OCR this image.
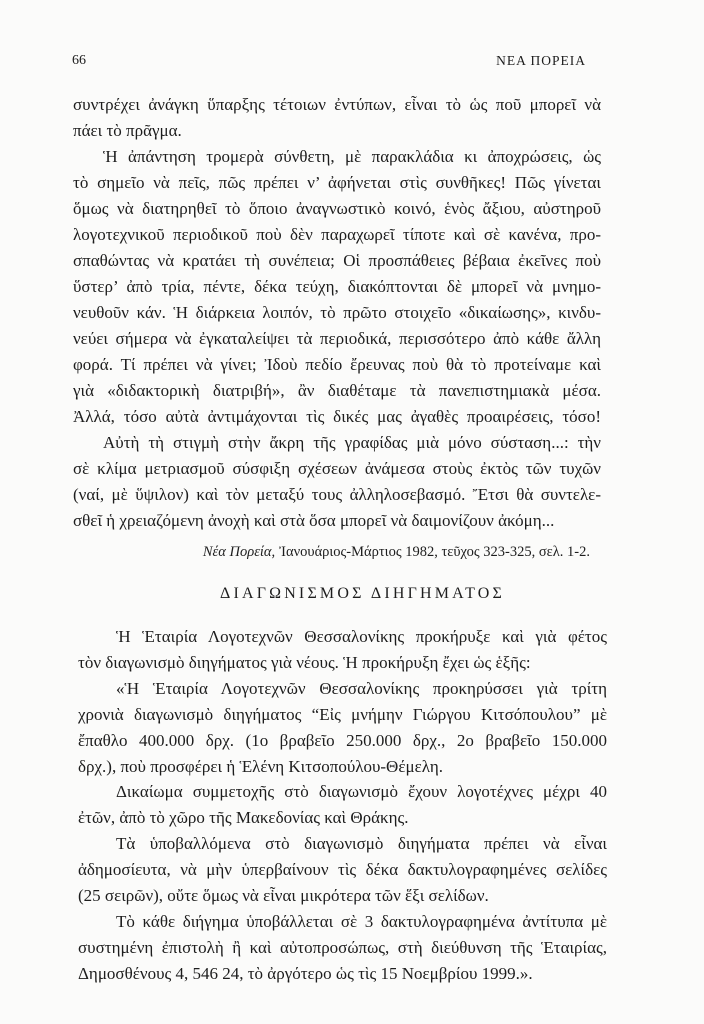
66	ΝΕΑ ΠΟΡΕΙΑ
συντρέχει ἀνάγκη ὕπαρξης τέτοιων ἐντύπων, εἶναι τὸ ὡς ποῦ μπορεῖ νὰ
πάει τὸ πρᾶγμα.
Ἡ ἀπάντηση τρομερὰ σύνθετη, μὲ παρακλάδια κι ἀποχρώσεις, ὡς
τὸ σημεῖο νὰ πεῖς, πῶς πρέπει ν’ ἀφήνεται στὶς συνθῆκες! Πῶς γίνεται
ὅμως νὰ διατηρηθεῖ τὸ ὅποιο ἀναγνωστικὸ κοινό, ἑνὸς ἄξιου, αὐστηροῦ
λογοτεχνικοῦ περιοδικοῦ ποὺ δὲν παραχωρεῖ τίποτε καὶ σὲ κανένα, προ-
σπαθώντας νὰ κρατάει τὴ συνέπεια; Οἱ προσπάθειες βέβαια ἐκεῖνες ποὺ
ὕστερ’ ἀπὸ τρία, πέντε, δέκα τεύχη, διακόπτονται δὲ μπορεῖ νὰ μνημο-
νευθοῦν κάν. Ἡ διάρκεια λοιπόν, τὸ πρῶτο στοιχεῖο «δικαίωσης», κινδυ-
νεύει σήμερα νὰ ἐγκαταλείψει τὰ περιοδικά, περισσότερο ἀπὸ κάθε ἄλλη
φορά. Τί πρέπει νὰ γίνει; Ἰδοὺ πεδίο ἔρευνας ποὺ θὰ τὸ προτείναμε καὶ
γιὰ «διδακτορικὴ διατριβή», ἂν διαθέταμε τὰ πανεπιστημιακὰ μέσα.
Ἀλλά, τόσο αὐτὰ ἀντιμάχονται τὶς δικές μας ἀγαθὲς προαιρέσεις, τόσο!
Αὐτὴ τὴ στιγμὴ στὴν ἄκρη τῆς γραφίδας μιὰ μόνο σύσταση...: τὴν
σὲ κλίμα μετριασμοῦ σύσφιξη σχέσεων ἀνάμεσα στοὺς ἐκτὸς τῶν τυχῶν
(ναί, μὲ ὕψιλον) καὶ τὸν μεταξύ τους ἀλληλοσεβασμό. Ἔτσι θὰ συντελε-
σθεῖ ἡ χρειαζόμενη ἀνοχὴ καὶ στὰ ὅσα μπορεῖ νὰ δαιμονίζουν ἀκόμη...
Νέα Πορεία, Ἰανουάριος-Μάρτιος 1982, τεῦχος 323-325, σελ. 1-2.
ΔΙΑΓΩΝΙΣΜΟΣ ΔΙΗΓΗΜΑΤΟΣ
Ἡ Ἑταιρία Λογοτεχνῶν Θεσσαλονίκης προκήρυξε καὶ γιὰ φέτος
τὸν διαγωνισμὸ διηγήματος γιὰ νέους. Ἡ προκήρυξη ἔχει ὡς ἑξῆς:
«Ἡ Ἑταιρία Λογοτεχνῶν Θεσσαλονίκης προκηρύσσει γιὰ τρίτη
χρονιὰ διαγωνισμὸ διηγήματος “Εἰς μνήμην Γιώργου Κιτσόπουλου” μὲ
ἔπαθλο 400.000 δρχ. (1ο βραβεῖο 250.000 δρχ., 2ο βραβεῖο 150.000
δρχ.), ποὺ προσφέρει ἡ Ἑλένη Κιτσοπούλου-Θέμελη.
Δικαίωμα συμμετοχῆς στὸ διαγωνισμὸ ἔχουν λογοτέχνες μέχρι 40
ἐτῶν, ἀπὸ τὸ χῶρο τῆς Μακεδονίας καὶ Θράκης.
Τὰ ὑποβαλλόμενα στὸ διαγωνισμὸ διηγήματα πρέπει νὰ εἶναι
ἀδημοσίευτα, νὰ μὴν ὑπερβαίνουν τὶς δέκα δακτυλογραφημένες σελίδες
(25 σειρῶν), οὔτε ὅμως νὰ εἶναι μικρότερα τῶν ἕξι σελίδων.
Τὸ κάθε διήγημα ὑποβάλλεται σὲ 3 δακτυλογραφημένα ἀντίτυπα μὲ
συστημένη ἐπιστολὴ ἢ καὶ αὐτοπροσώπως, στὴ διεύθυνση τῆς Ἑταιρίας,
Δημοσθένους 4, 546 24, τὸ ἀργότερο ὡς τὶς 15 Νοεμβρίου 1999.».
